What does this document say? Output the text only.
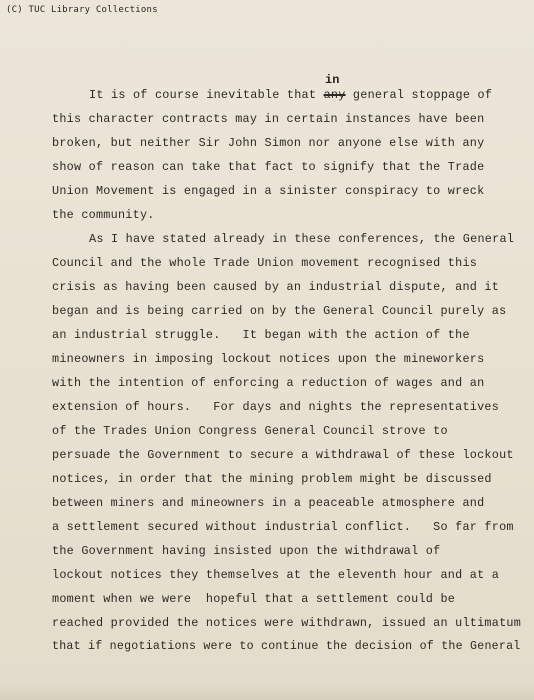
(C) TUC Library Collections
in
It is of course inevitable that any general stoppage of
this character contracts may in certain instances have been
broken, but neither Sir John Simon nor anyone else with any
show of reason can take that fact to signify that the Trade
Union Movement is engaged in a sinister conspiracy to wreck
the community.
As I have stated already in these conferences, the General
Council and the whole Trade Union movement recognised this
crisis as having been caused by an industrial dispute, and it
began and is being carried on by the General Council purely as
an industrial struggle.   It began with the action of the
mineowners in imposing lockout notices upon the mineworkers
with the intention of enforcing a reduction of wages and an
extension of hours.   For days and nights the representatives
of the Trades Union Congress General Council strove to
persuade the Government to secure a withdrawal of these lockout
notices, in order that the mining problem might be discussed
between miners and mineowners in a peaceable atmosphere and
a settlement secured without industrial conflict.   So far from
the Government having insisted upon the withdrawal of
lockout notices they themselves at the eleventh hour and at a
moment when we were  hopeful that a settlement could be
reached provided the notices were withdrawn, issued an ultimatum
that if negotiations were to continue the decision of the General
